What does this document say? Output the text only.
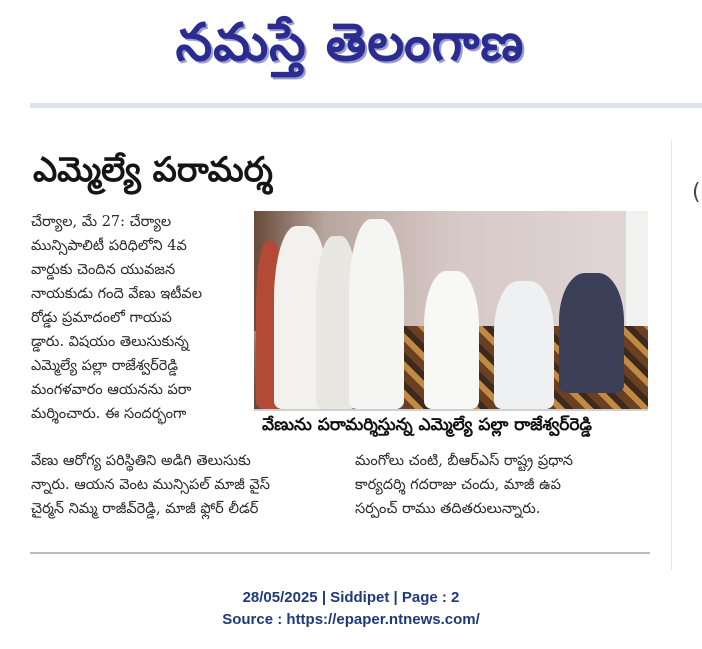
నమస్తే తెలంగాణ
(
ఎమ్మెల్యే పరామర్శ
చేర్యాల, మే 27: చేర్యాల
మున్సిపాలిటీ పరిధిలోని 4వ
వార్డుకు చెందిన యువజన
నాయకుడు గందె వేణు ఇటీవల
రోడ్డు ప్రమాదంలో గాయప
డ్డారు. విషయం తెలుసుకున్న
ఎమ్మెల్యే పల్లా రాజేశ్వర్‌రెడ్డి
మంగళవారం ఆయనను పరా
మర్శించారు. ఈ సందర్భంగా
వేణును పరామర్శిస్తున్న ఎమ్మెల్యే పల్లా రాజేశ్వర్‌రెడ్డి
వేణు ఆరోగ్య పరిస్థితిని అడిగి తెలుసుకు
న్నారు. ఆయన వెంట మున్సిపల్ మాజీ వైస్
చైర్మన్ నిమ్మ రాజీవ్‌రెడ్డి, మాజీ ఫ్లోర్ లీడర్
మంగోలు చంటి, బీఆర్‌ఎస్‌ రాష్ట్ర ప్రధాన
కార్యదర్శి గదరాజు చందు, మాజీ ఉప
సర్పంచ్ రాము తదితరులున్నారు.
28/05/2025 | Siddipet | Page : 2
Source : https://epaper.ntnews.com/
